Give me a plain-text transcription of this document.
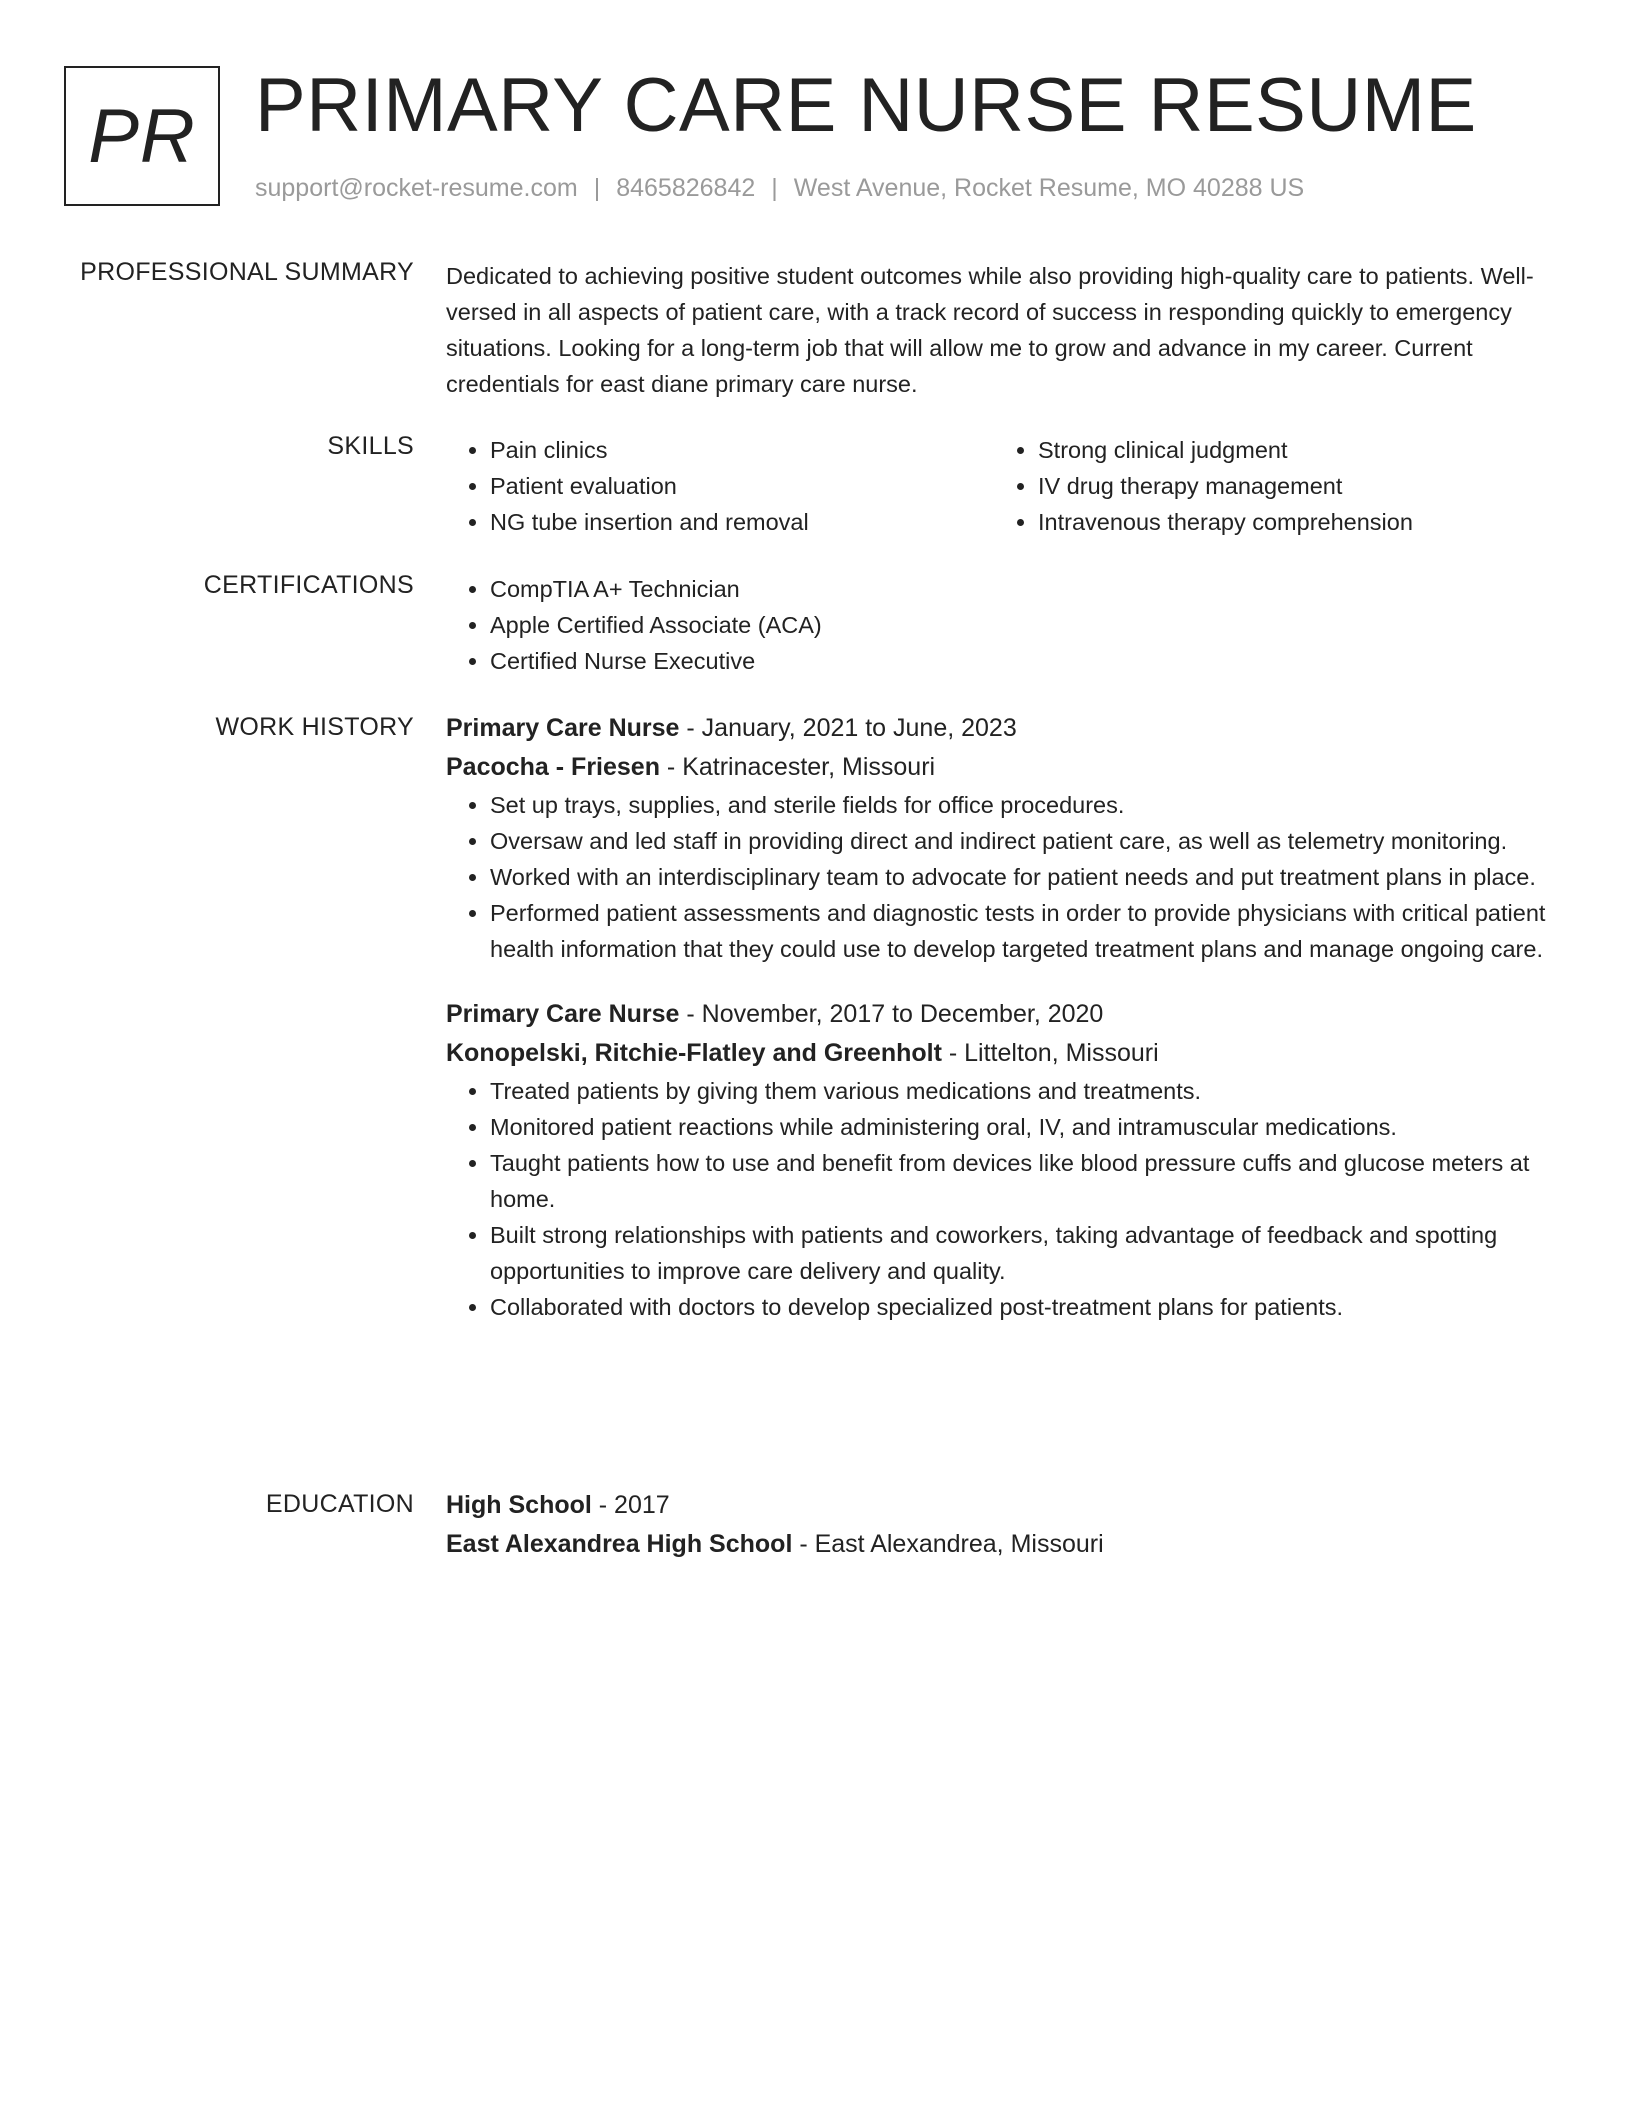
PR PRIMARY CARE NURSE RESUME
support@rocket-resume.com | 8465826842 | West Avenue, Rocket Resume, MO 40288 US
PROFESSIONAL SUMMARY Dedicated to achieving positive student outcomes while also providing high-quality care to patients. Well-versed in all aspects of patient care, with a track record of success in responding quickly to emergency situations. Looking for a long-term job that will allow me to grow and advance in my career. Current credentials for east diane primary care nurse.

SKILLS	• Pain clinics
• Patient evaluation
• NG tube insertion and removal
• Strong clinical judgment
• IV drug therapy management
• Intravenous therapy comprehension
CERTIFICATIONS	• CompTIA A+ Technician
• Apple Certified Associate (ACA)
• Certified Nurse Executive
WORK HISTORY Primary Care Nurse - January, 2021 to June, 2023
Pacocha - Friesen - Katrinacester, Missouri
• Set up trays, supplies, and sterile fields for office procedures.
• Oversaw and led staff in providing direct and indirect patient care, as well as telemetry monitoring.
• Worked with an interdisciplinary team to advocate for patient needs and put treatment plans in place.
• Performed patient assessments and diagnostic tests in order to provide physicians with critical patient health information that they could use to develop targeted treatment plans and manage ongoing care.
Primary Care Nurse - November, 2017 to December, 2020
Konopelski, Ritchie-Flatley and Greenholt - Littelton, Missouri
• Treated patients by giving them various medications and treatments.
• Monitored patient reactions while administering oral, IV, and intramuscular medications.
• Taught patients how to use and benefit from devices like blood pressure cuffs and glucose meters at home.
• Built strong relationships with patients and coworkers, taking advantage of feedback and spotting opportunities to improve care delivery and quality.
• Collaborated with doctors to develop specialized post-treatment plans for patients.
EDUCATION High School - 2017
East Alexandrea High School - East Alexandrea, Missouri
